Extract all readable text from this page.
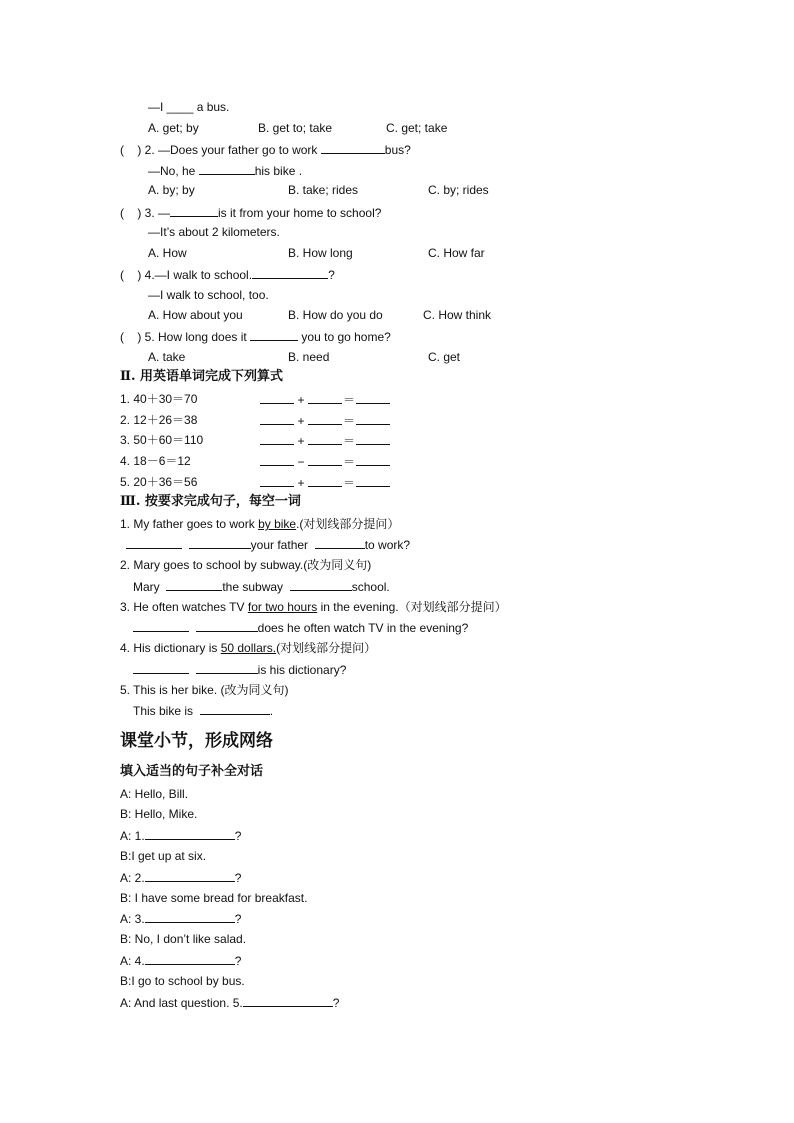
—I ____ a bus.
A. get; by	B. get to; take	C. get; take
(    ) 2. —Does your father go to work	bus?
—No, he	his bike .
A. by; by	B. take; rides	C. by; rides
(    ) 3. —	is it from your home to school?
—It’s about 2 kilometers.
A. How	B. How long	C. How far
(    ) 4.—I walk to school.	?
—I walk to school, too.
A. How about you	B. How do you do	C. How think
(    ) 5. How long does it	you to go home?
A. take	B. need	C. get
Ⅱ. 用英语单词完成下列算式
1. 40＋30＝70	+	＝
2. 12＋26＝38	+	＝
3. 50＋60＝110	+	＝
4. 18－6＝12	−	＝
5. 20＋36＝56	+	＝
Ⅲ. 按要求完成句子，每空一词
1. My father goes to work by bike.(对划线部分提问）
your father	to work?
2. Mary goes to school by subway.(改为同义句)
Mary	the subway	school.
3. He often watches TV for two hours in the evening.（对划线部分提问）
does he often watch TV in the evening?
4. His dictionary is 50 dollars.(对划线部分提问）
is his dictionary?
5. This is her bike. (改为同义句)
This bike is	.
课堂小节，形成网络
填入适当的句子补全对话
A: Hello, Bill.
B: Hello, Mike.
A: 1.	?
B:I get up at six.
A: 2.	?
B: I have some bread for breakfast.
A: 3.	?
B: No, I don’t like salad.
A: 4.	?
B:I go to school by bus.
A: And last question. 5.	?
